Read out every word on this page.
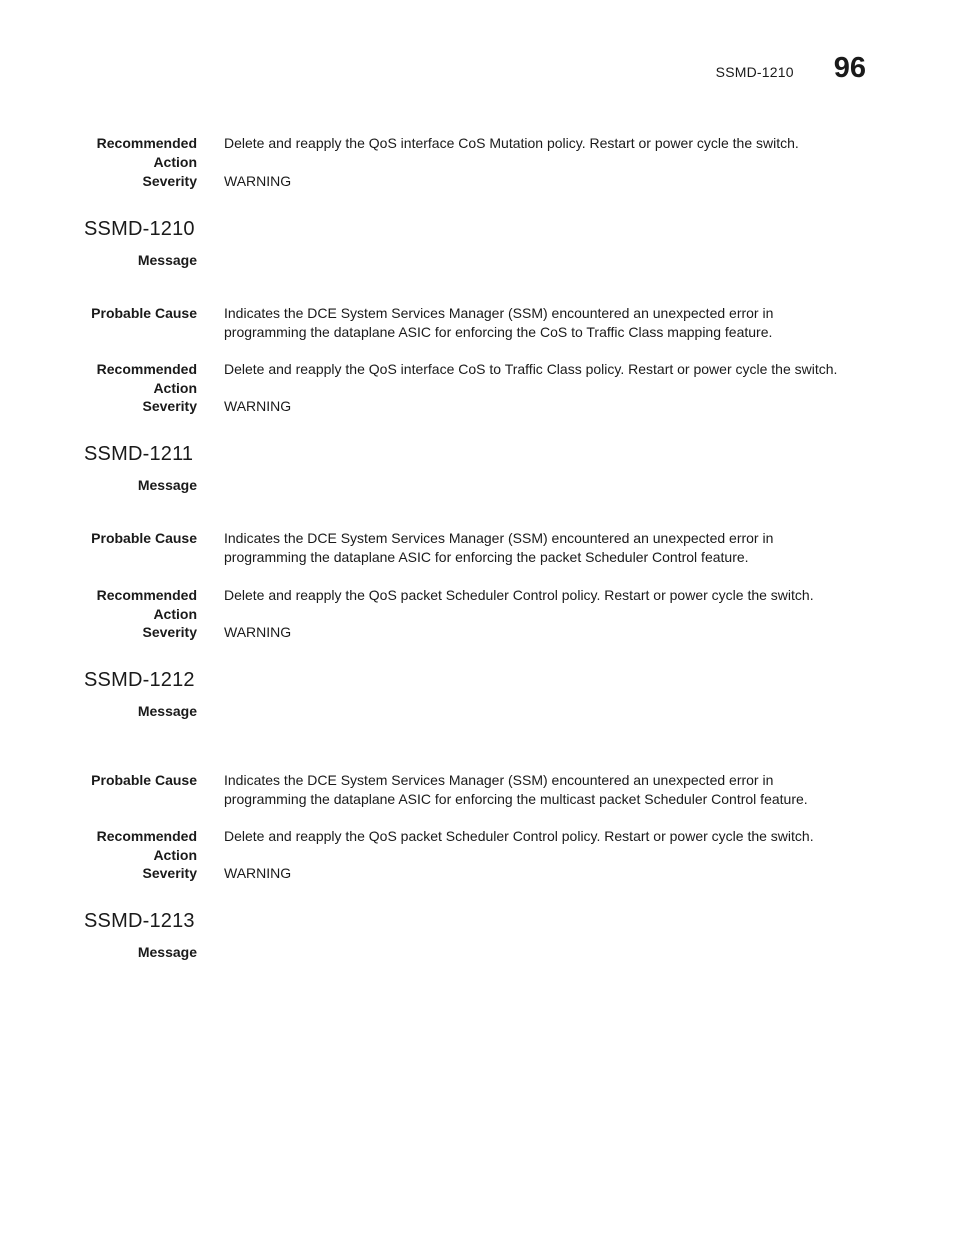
SSMD-1210 96
Recommended
Action
Delete and reapply the QoS interface CoS Mutation policy. Restart or power cycle the switch.
Severity WARNING
SSMD-1210
Message
Probable Cause Indicates the DCE System Services Manager (SSM) encountered an unexpected error in
programming the dataplane ASIC for enforcing the CoS to Traffic Class mapping feature.
Recommended
Action
Delete and reapply the QoS interface CoS to Traffic Class policy. Restart or power cycle the switch.
Severity WARNING
SSMD-1211
Message
Probable Cause Indicates the DCE System Services Manager (SSM) encountered an unexpected error in
programming the dataplane ASIC for enforcing the packet Scheduler Control feature.
Recommended
Action
Delete and reapply the QoS packet Scheduler Control policy. Restart or power cycle the switch.
Severity WARNING
SSMD-1212
Message
Probable Cause Indicates the DCE System Services Manager (SSM) encountered an unexpected error in
programming the dataplane ASIC for enforcing the multicast packet Scheduler Control feature.
Recommended
Action
Delete and reapply the QoS packet Scheduler Control policy. Restart or power cycle the switch.
Severity WARNING
SSMD-1213
Message
